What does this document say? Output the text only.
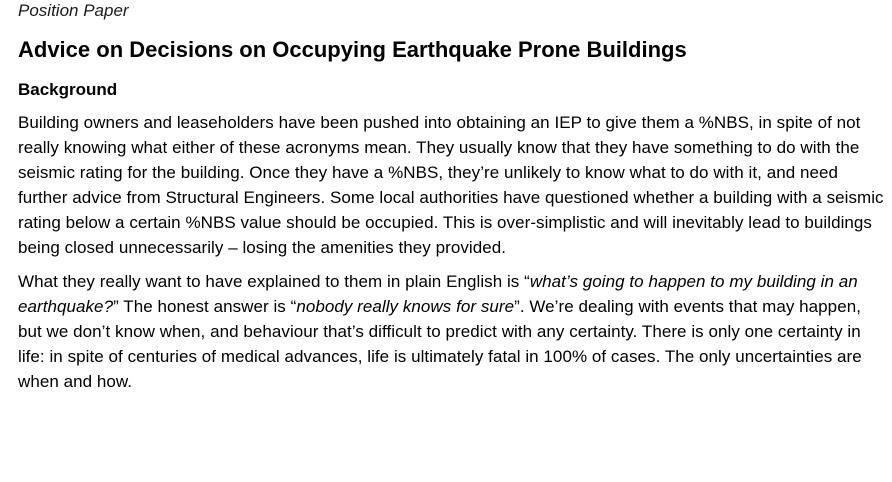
Position Paper

Advice on Decisions on Occupying Earthquake Prone Buildings
Background

Building owners and leaseholders have been pushed into obtaining an IEP to give them a %NBS, in spite of not really knowing what either of these acronyms mean. They usually know that they have something to do with the seismic rating for the building. Once they have a %NBS, they’re unlikely to know what to do with it, and need further advice from Structural Engineers. Some local authorities have questioned whether a building with a seismic rating below a certain %NBS value should be occupied. This is over-simplistic and will inevitably lead to buildings being closed unnecessarily – losing the amenities they provided.

What they really want to have explained to them in plain English is “what’s going to happen to my building in an earthquake?” The honest answer is “nobody really knows for sure”. We’re dealing with events that may happen, but we don’t know when, and behaviour that’s difficult to predict with any certainty. There is only one certainty in life: in spite of centuries of medical advances, life is ultimately fatal in 100% of cases. The only uncertainties are when and how.
